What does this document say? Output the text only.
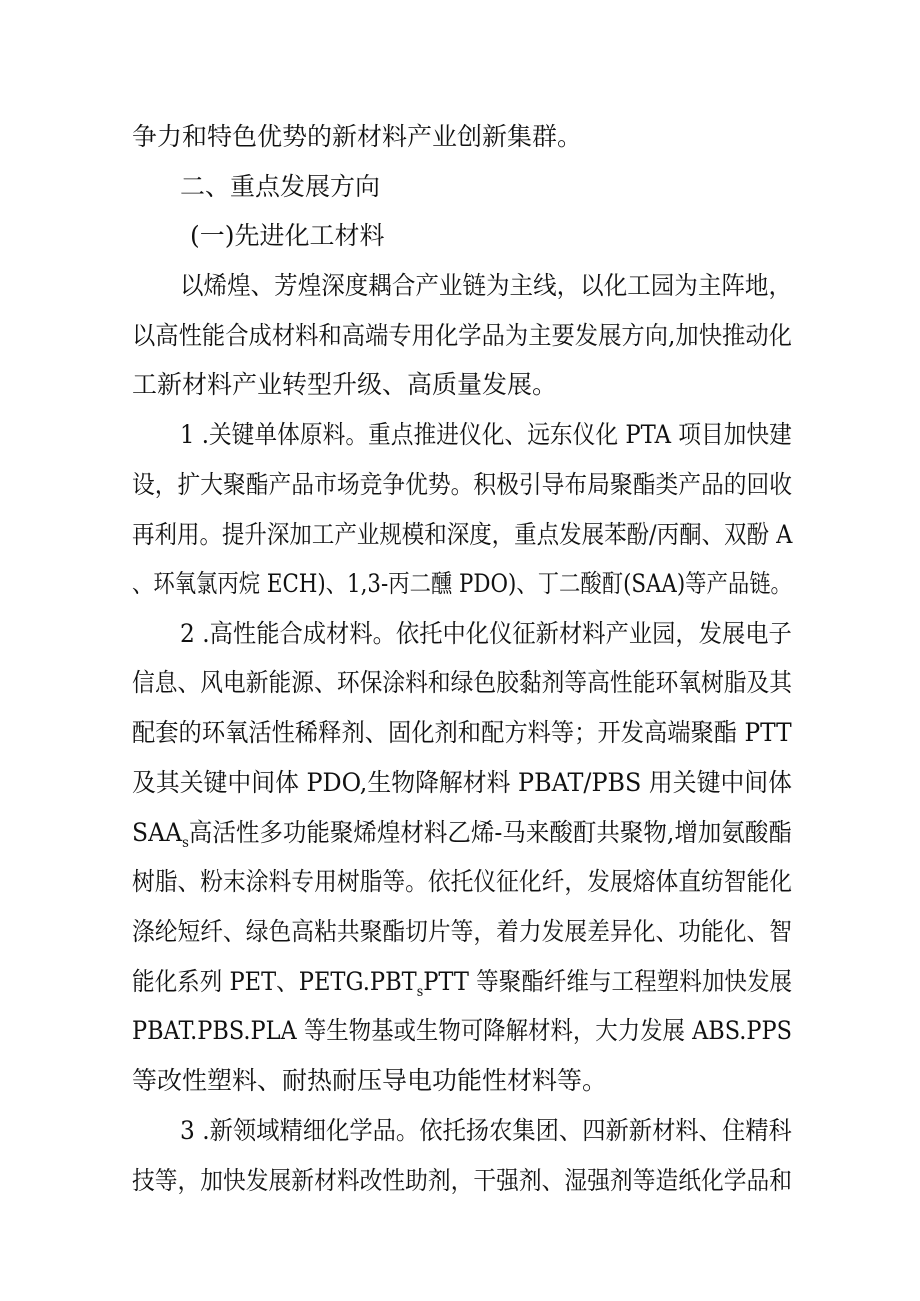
争力和特色优势的新材料产业创新集群。
二、重点发展方向
(一)先进化工材料
以烯煌、芳煌深度耦合产业链为主线，以化工园为主阵地，
以高性能合成材料和高端专用化学品为主要发展方向,加快推动化
工新材料产业转型升级、高质量发展。
1 .关键单体原料。重点推进仪化、远东仪化 PTA 项目加快建
设，扩大聚酯产品市场竞争优势。积极引导布局聚酯类产品的回收
再利用。提升深加工产业规模和深度，重点发展苯酚/丙酮、双酚 A
、环氧氯丙烷 ECH)、1,3-丙二醺 PDO)、丁二酸酊(SAA)等产品链。
2 .高性能合成材料。依托中化仪征新材料产业园，发展电子
信息、风电新能源、环保涂料和绿色胶黏剂等高性能环氧树脂及其
配套的环氧活性稀释剂、固化剂和配方料等；开发高端聚酯 PTT
及其关键中间体 PDO,生物降解材料 PBAT/PBS 用关键中间体
$SAA_s$高活性多功能聚烯煌材料乙烯-马来酸酊共聚物,增加氨酸酯
树脂、粉末涂料专用树脂等。依托仪征化纤，发展熔体直纺智能化
涤纶短纤、绿色高粘共聚酯切片等，着力发展差异化、功能化、智
能化系列 PET、$PETG.PBT_sPTT$ 等聚酯纤维与工程塑料加快发展
PBAT.PBS.PLA 等生物基或生物可降解材料，大力发展 ABS.PPS
等改性塑料、耐热耐压导电功能性材料等。
3 .新领域精细化学品。依托扬农集团、四新新材料、住精科
技等，加快发展新材料改性助剂，干强剂、湿强剂等造纸化学品和
